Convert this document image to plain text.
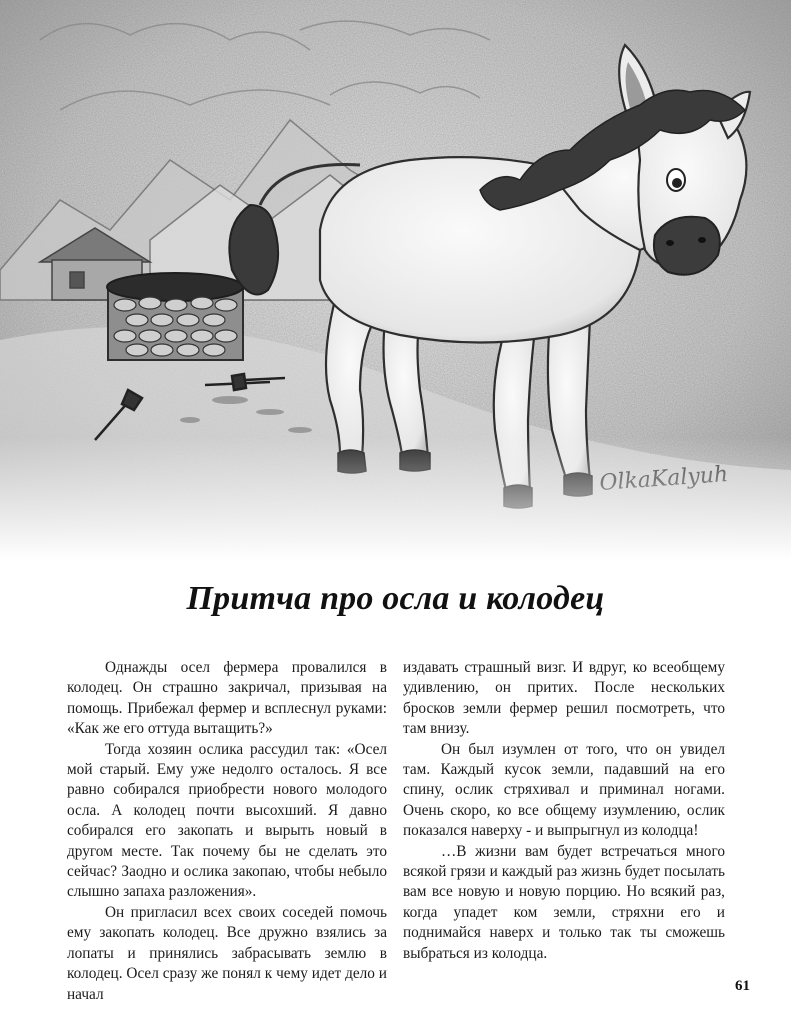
Притча про осла и колодец

Однажды осел фермера провалился в колодец. Он страшно закричал, призывая на помощь. Прибежал фермер и всплеснул руками: «Как же его оттуда вытащить?»

Тогда хозяин ослика рассудил так: «Осел мой старый. Ему уже недолго осталось. Я все равно собирался приобрести нового молодого осла. А колодец почти высохший. Я давно собирался его закопать и вырыть новый в другом месте. Так почему бы не сделать это сейчас? Заодно и ослика закопаю, чтобы небыло слышно запаха разложения».

Он пригласил всех своих соседей помочь ему закопать колодец. Все дружно взялись за лопаты и принялись забрасывать землю в колодец. Осел сразу же понял к чему идет дело и начал

издавать страшный визг. И вдруг, ко всеобщему удивлению, он притих. После нескольких бросков земли фермер решил посмотреть, что там внизу.

Он был изумлен от того, что он увидел там. Каждый кусок земли, падавший на его спину, ослик стряхивал и приминал ногами. Очень скоро, ко все общему изумлению, ослик показался наверху - и выпрыгнул из колодца!

…В жизни вам будет встречаться много всякой грязи и каждый раз жизнь будет посылать вам все новую и новую порцию. Но всякий раз, когда упадет ком земли, стряхни его и поднимайся наверх и только так ты сможешь выбраться из колодца.

61
